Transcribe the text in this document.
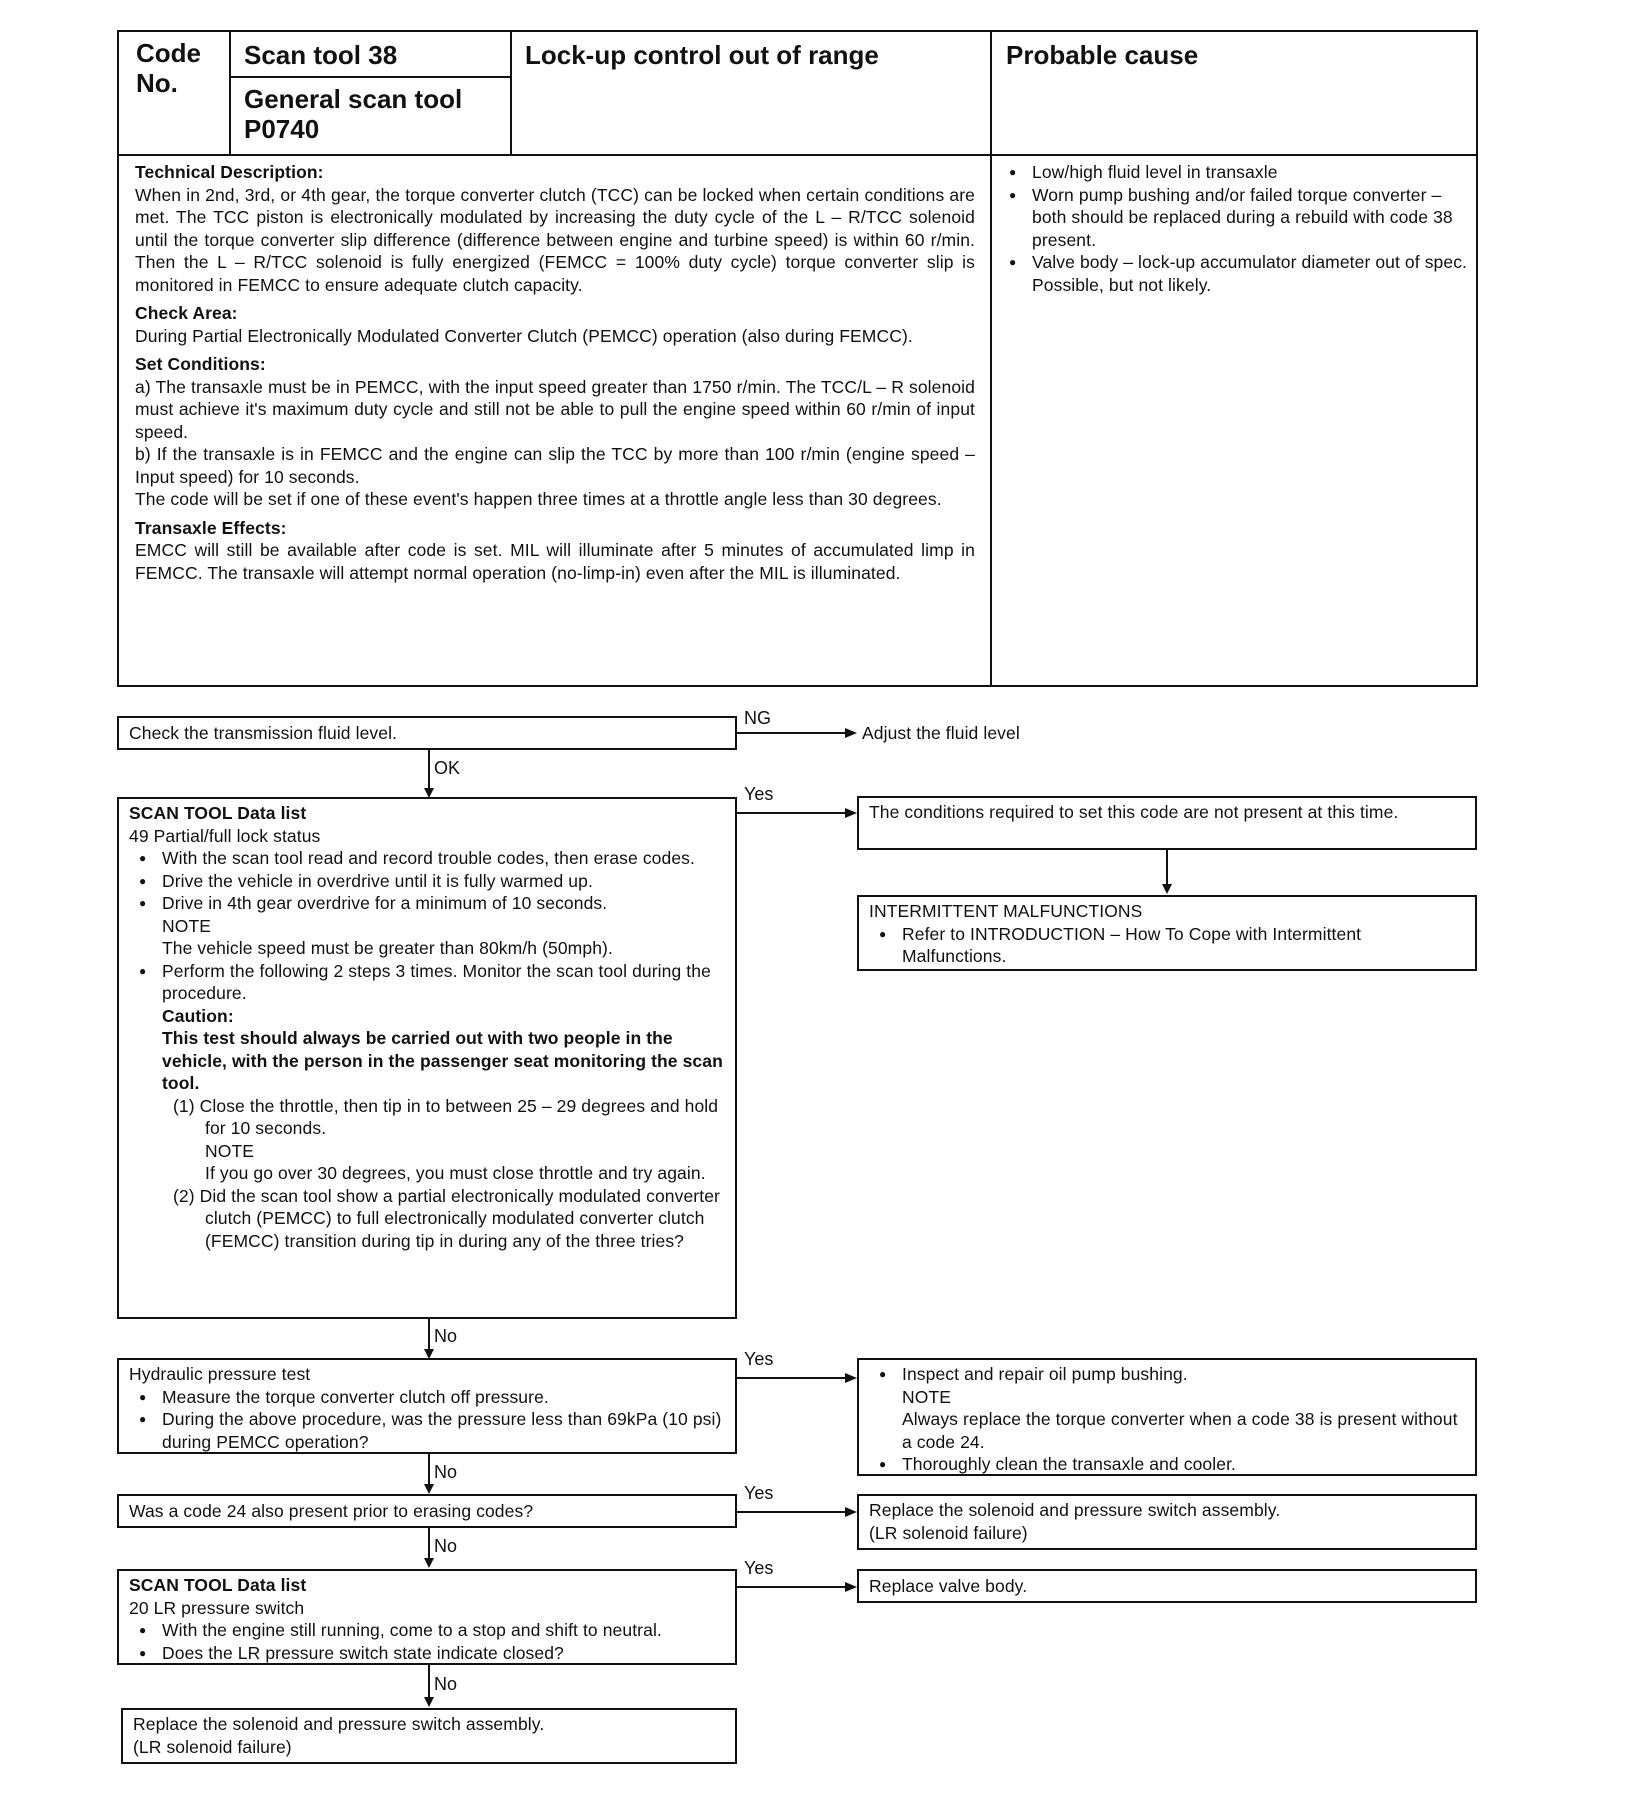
Code No.
Scan tool 38
General scan tool P0740
Lock-up control out of range	Probable cause
Technical Description:
When in 2nd, 3rd, or 4th gear, the torque converter clutch (TCC) can be locked when certain conditions are met. The TCC piston is electronically modulated by increasing the duty cycle of the L – R/TCC solenoid until the torque converter slip difference (difference between engine and turbine speed) is within 60 r/min. Then the L – R/TCC solenoid is fully energized (FEMCC = 100% duty cycle) torque converter slip is monitored in FEMCC to ensure adequate clutch capacity.
Check Area:
During Partial Electronically Modulated Converter Clutch (PEMCC) operation (also during FEMCC).
Set Conditions:
a) The transaxle must be in PEMCC, with the input speed greater than 1750 r/min. The TCC/L – R solenoid must achieve it's maximum duty cycle and still not be able to pull the engine speed within 60 r/min of input speed.
b) If the transaxle is in FEMCC and the engine can slip the TCC by more than 100 r/min (engine speed – Input speed) for 10 seconds.
The code will be set if one of these event's happen three times at a throttle angle less than 30 degrees.
Transaxle Effects:
EMCC will still be available after code is set. MIL will illuminate after 5 minutes of accumulated limp in FEMCC. The transaxle will attempt normal operation (no-limp-in) even after the MIL is illuminated.
● Low/high fluid level in transaxle
● Worn pump bushing and/or failed torque converter – both should be replaced during a rebuild with code 38 present.
● Valve body – lock-up accumulator diameter out of spec. Possible, but not likely.
Check the transmission fluid level.
NG
Adjust the fluid level
OK
SCAN TOOL Data list
49 Partial/full lock status
● With the scan tool read and record trouble codes, then erase codes.
● Drive the vehicle in overdrive until it is fully warmed up.
● Drive in 4th gear overdrive for a minimum of 10 seconds.
NOTE
The vehicle speed must be greater than 80km/h (50mph).
● Perform the following 2 steps 3 times. Monitor the scan tool during the procedure.
Caution:
This test should always be carried out with two people in the vehicle, with the person in the passenger seat monitoring the scan tool.
(1) Close the throttle, then tip in to between 25 – 29 degrees and hold for 10 seconds.
NOTE
If you go over 30 degrees, you must close throttle and try again.
(2) Did the scan tool show a partial electronically modulated converter clutch (PEMCC) to full electronically modulated converter clutch (FEMCC) transition during tip in during any of the three tries?
Yes
The conditions required to set this code are not present at this time.
INTERMITTENT MALFUNCTIONS
● Refer to INTRODUCTION – How To Cope with Intermittent Malfunctions.
No
Hydraulic pressure test
● Measure the torque converter clutch off pressure.
● During the above procedure, was the pressure less than 69kPa (10 psi) during PEMCC operation?
Yes
● Inspect and repair oil pump bushing.
NOTE
Always replace the torque converter when a code 38 is present without a code 24.
● Thoroughly clean the transaxle and cooler.
No
Was a code 24 also present prior to erasing codes?
Yes
Replace the solenoid and pressure switch assembly.
(LR solenoid failure)
No
SCAN TOOL Data list
20 LR pressure switch
● With the engine still running, come to a stop and shift to neutral.
● Does the LR pressure switch state indicate closed?
Yes
Replace valve body.
No
Replace the solenoid and pressure switch assembly.
(LR solenoid failure)
